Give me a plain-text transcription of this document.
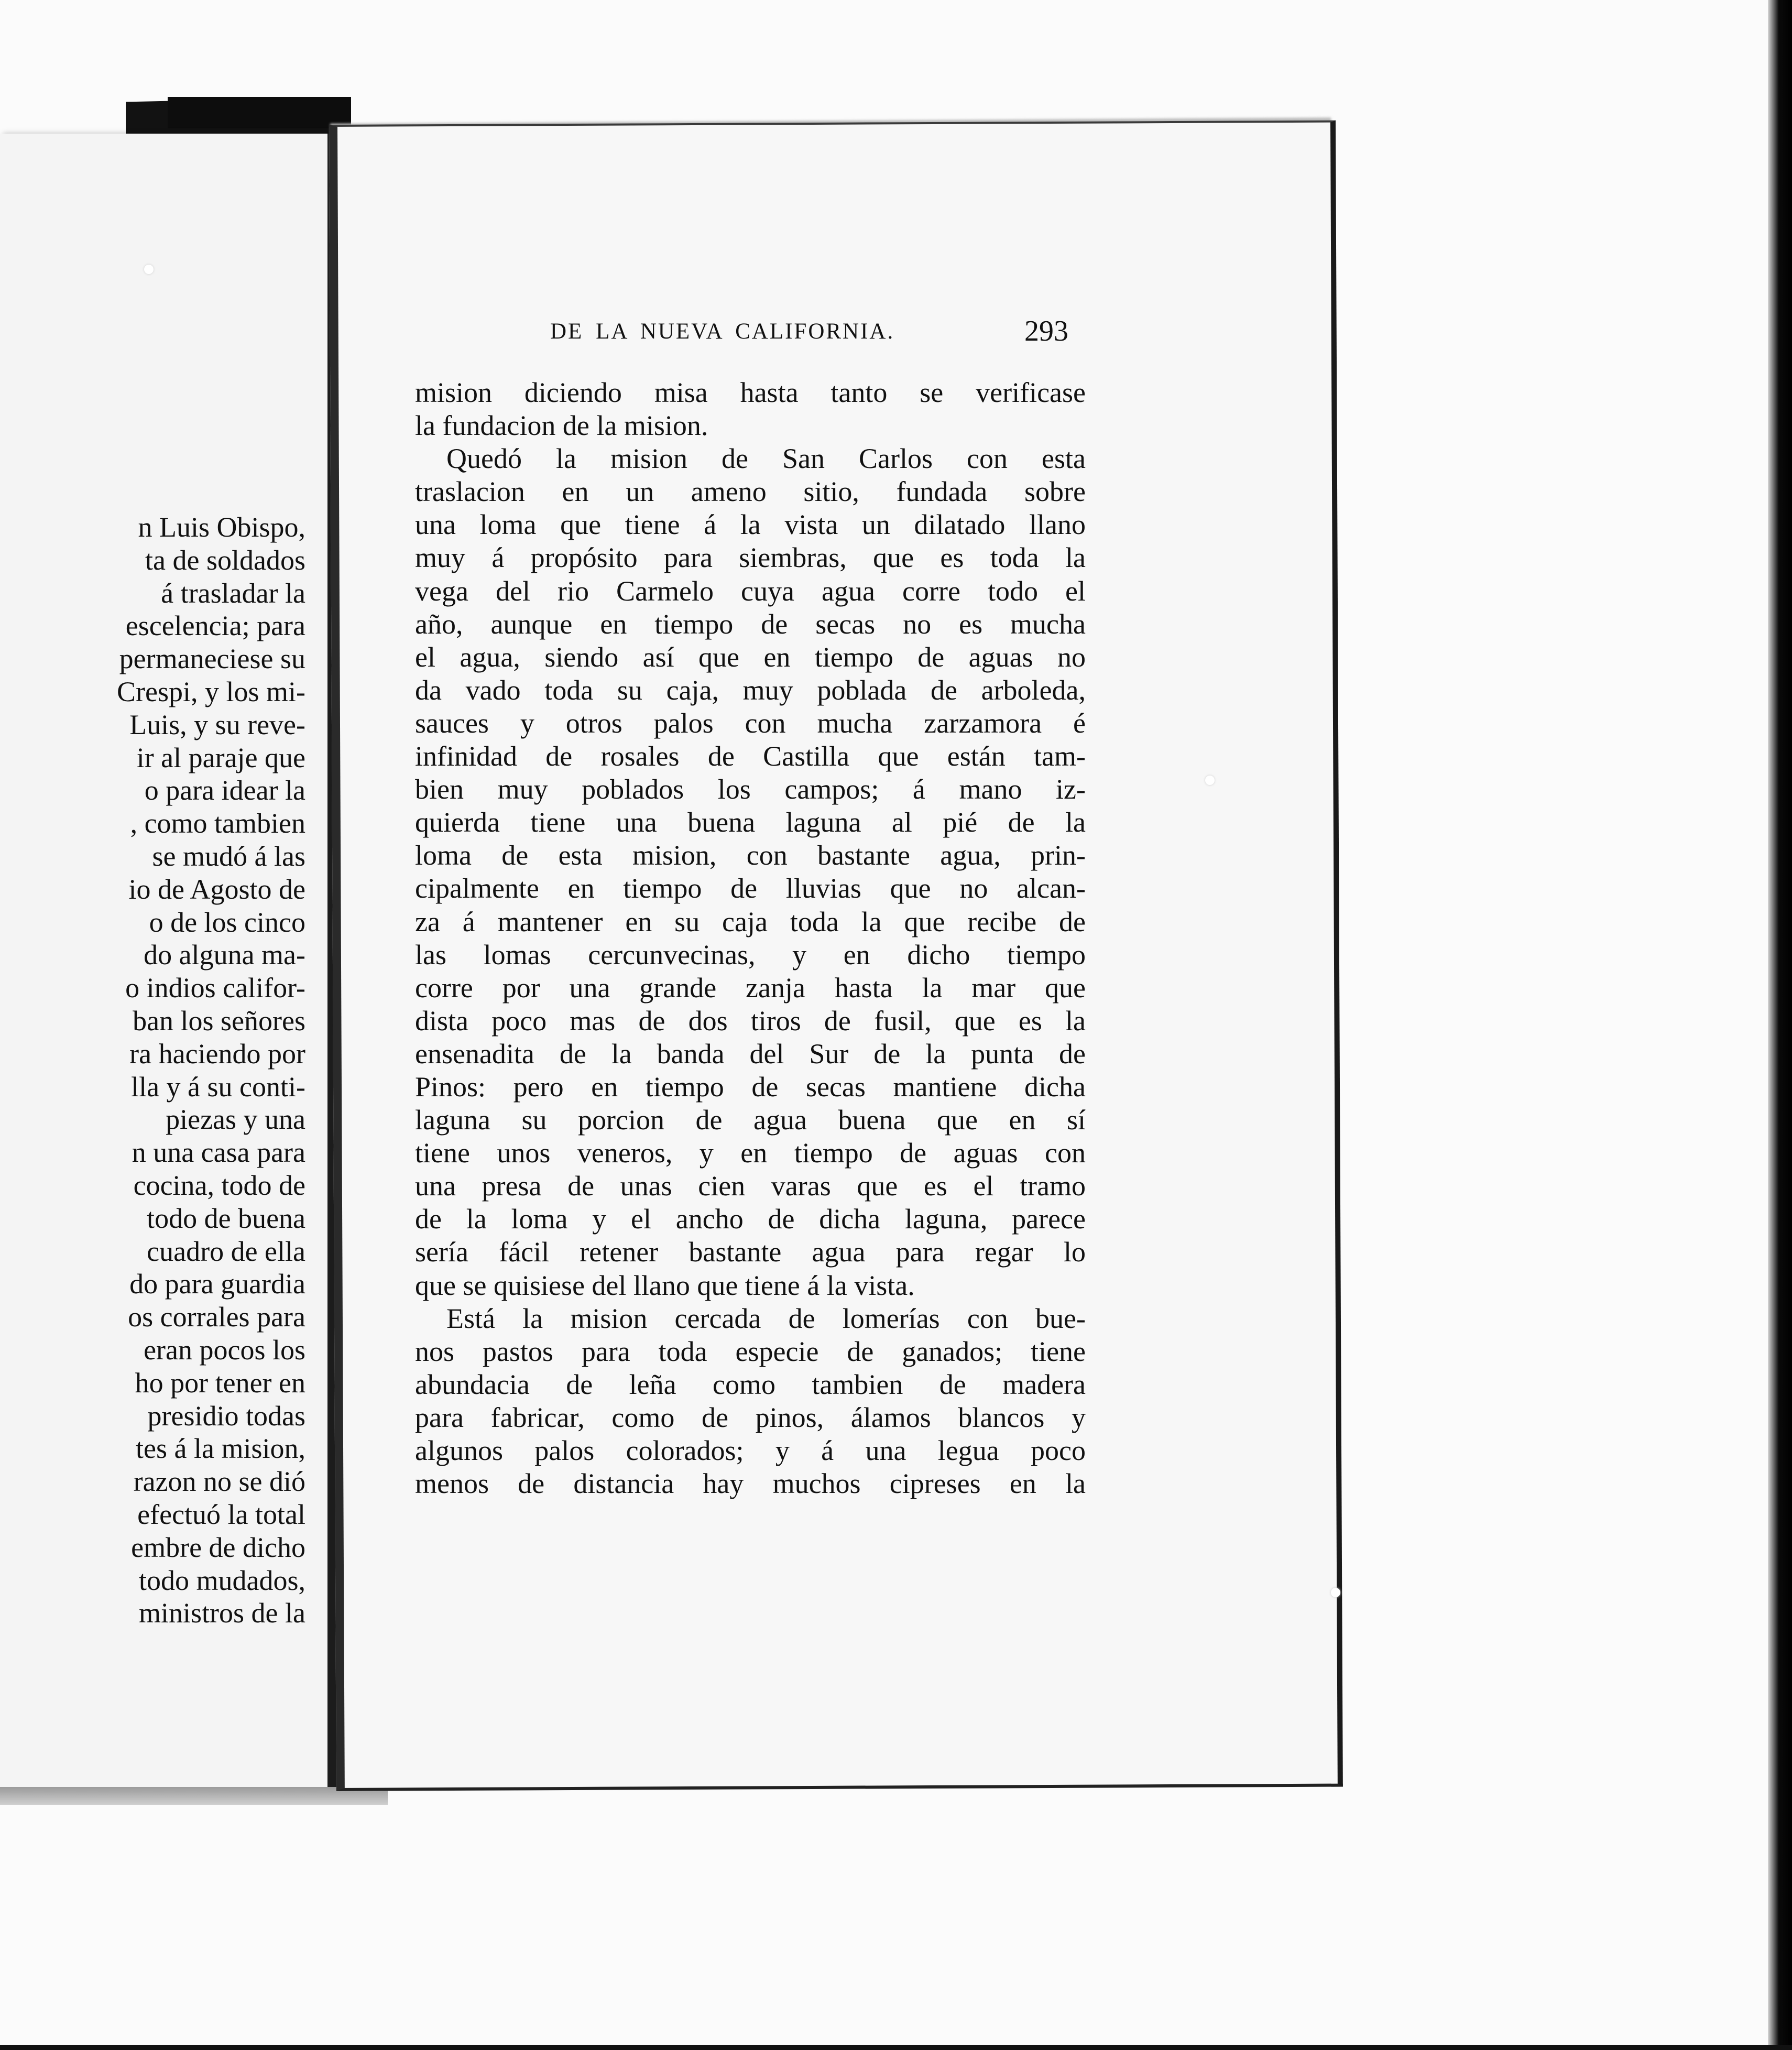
n Luis Obispo,
ta de soldados
á trasladar la
escelencia; para
permaneciese su
Crespi, y los mi-
Luis, y su reve-
ir al paraje que
o para idear la
, como tambien
se mudó á las
io de Agosto de
o de los cinco
do alguna ma-
o indios califor-
ban los señores
ra haciendo por
lla y á su conti-
piezas y una
n una casa para
cocina, todo de
todo de buena
cuadro de ella
do para guardia
os corrales para
eran pocos los
ho por tener en
presidio todas
tes á la mision,
razon no se dió
efectuó la total
embre de dicho
todo mudados,
ministros de la
DE LA NUEVA CALIFORNIA.	293
mision diciendo misa hasta tanto se verificase
la fundacion de la mision.
Quedó la mision de San Carlos con esta
traslacion en un ameno sitio, fundada sobre
una loma que tiene á la vista un dilatado llano
muy á propósito para siembras, que es toda la
vega del rio Carmelo cuya agua corre todo el
año, aunque en tiempo de secas no es mucha
el agua, siendo así que en tiempo de aguas no
da vado toda su caja, muy poblada de arboleda,
sauces y otros palos con mucha zarzamora é
infinidad de rosales de Castilla que están tam-
bien muy poblados los campos; á mano iz-
quierda tiene una buena laguna al pié de la
loma de esta mision, con bastante agua, prin-
cipalmente en tiempo de lluvias que no alcan-
za á mantener en su caja toda la que recibe de
las lomas cercunvecinas, y en dicho tiempo
corre por una grande zanja hasta la mar que
dista poco mas de dos tiros de fusil, que es la
ensenadita de la banda del Sur de la punta de
Pinos: pero en tiempo de secas mantiene dicha
laguna su porcion de agua buena que en sí
tiene unos veneros, y en tiempo de aguas con
una presa de unas cien varas que es el tramo
de la loma y el ancho de dicha laguna, parece
sería fácil retener bastante agua para regar lo
que se quisiese del llano que tiene á la vista.
Está la mision cercada de lomerías con bue-
nos pastos para toda especie de ganados; tiene
abundacia de leña como tambien de madera
para fabricar, como de pinos, álamos blancos y
algunos palos colorados; y á una legua poco
menos de distancia hay muchos cipreses en la
